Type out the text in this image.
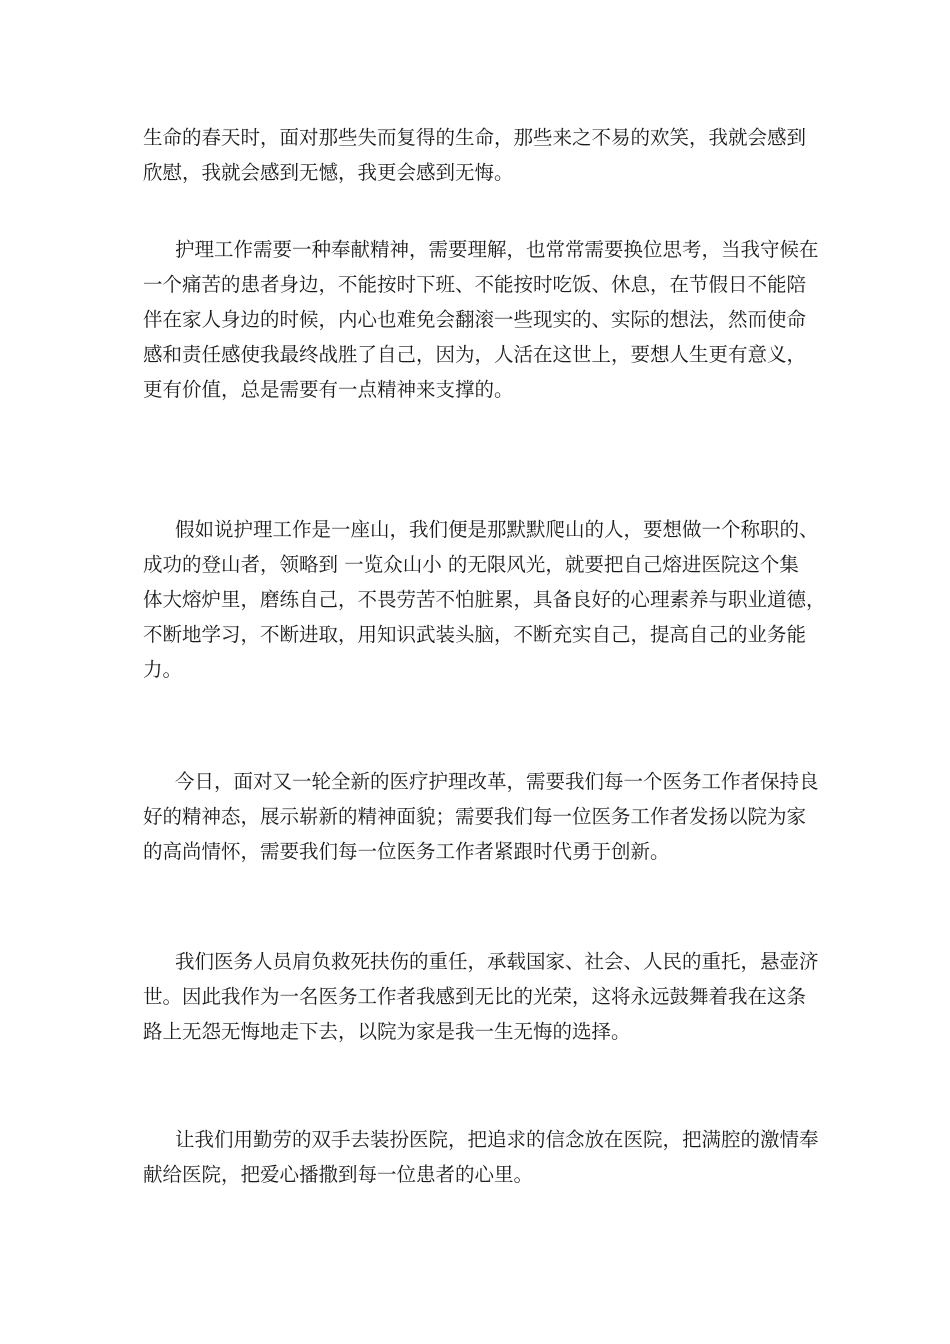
生命的春天时，面对那些失而复得的生命，那些来之不易的欢笑，我就会感到
欣慰，我就会感到无憾，我更会感到无悔。

护理工作需要一种奉献精神，需要理解，也常常需要换位思考，当我守候在
一个痛苦的患者身边，不能按时下班、不能按时吃饭、休息，在节假日不能陪
伴在家人身边的时候，内心也难免会翻滚一些现实的、实际的想法，然而使命
感和责任感使我最终战胜了自己，因为，人活在这世上，要想人生更有意义，
更有价值，总是需要有一点精神来支撑的。

假如说护理工作是一座山，我们便是那默默爬山的人，要想做一个称职的、
成功的登山者，领略到 一览众山小 的无限风光，就要把自己熔进医院这个集
体大熔炉里，磨练自己，不畏劳苦不怕脏累，具备良好的心理素养与职业道德，
不断地学习，不断进取，用知识武装头脑，不断充实自己，提高自己的业务能
力。

今日，面对又一轮全新的医疗护理改革，需要我们每一个医务工作者保持良
好的精神态，展示崭新的精神面貌；需要我们每一位医务工作者发扬以院为家
的高尚情怀，需要我们每一位医务工作者紧跟时代勇于创新。

我们医务人员肩负救死扶伤的重任，承载国家、社会、人民的重托，悬壶济
世。因此我作为一名医务工作者我感到无比的光荣，这将永远鼓舞着我在这条
路上无怨无悔地走下去，以院为家是我一生无悔的选择。

让我们用勤劳的双手去装扮医院，把追求的信念放在医院，把满腔的激情奉
献给医院，把爱心播撒到每一位患者的心里。
